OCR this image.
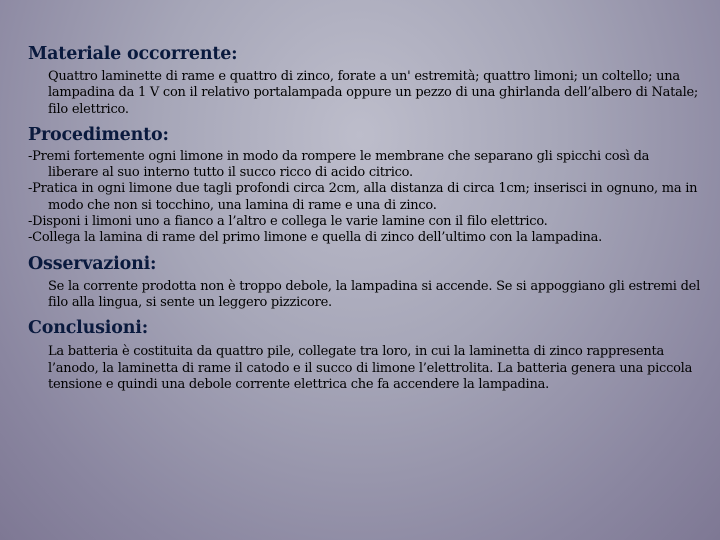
Materiale occorrente:

Quattro laminette di rame e quattro di zinco, forate a un' estremità; quattro limoni; un coltello; una lampadina da 1 V con il relativo portalampada oppure un pezzo di una ghirlanda dell’albero di Natale; filo elettrico.

Procedimento:

-Premi fortemente ogni limone in modo da rompere le membrane che separano gli spicchi così da liberare al suo interno tutto il succo ricco di acido citrico.

-Pratica in ogni limone due tagli profondi circa 2cm, alla distanza di circa 1cm; inserisci in ognuno, ma in modo che non si tocchino, una lamina di rame e una di zinco.

-Disponi i limoni uno a fianco a l’altro e collega le varie lamine con il filo elettrico.

-Collega la lamina di rame del primo limone e quella di zinco dell’ultimo con la lampadina.

Osservazioni:

Se la corrente prodotta non è troppo debole, la lampadina si accende. Se si appoggiano gli estremi del filo alla lingua, si sente un leggero pizzicore.

Conclusioni:

La batteria è costituita da quattro pile, collegate tra loro, in cui la laminetta di zinco rappresenta l’anodo, la laminetta di rame il catodo e il succo di limone l’elettrolita. La batteria genera una piccola tensione e quindi una debole corrente elettrica che fa accendere la lampadina.
